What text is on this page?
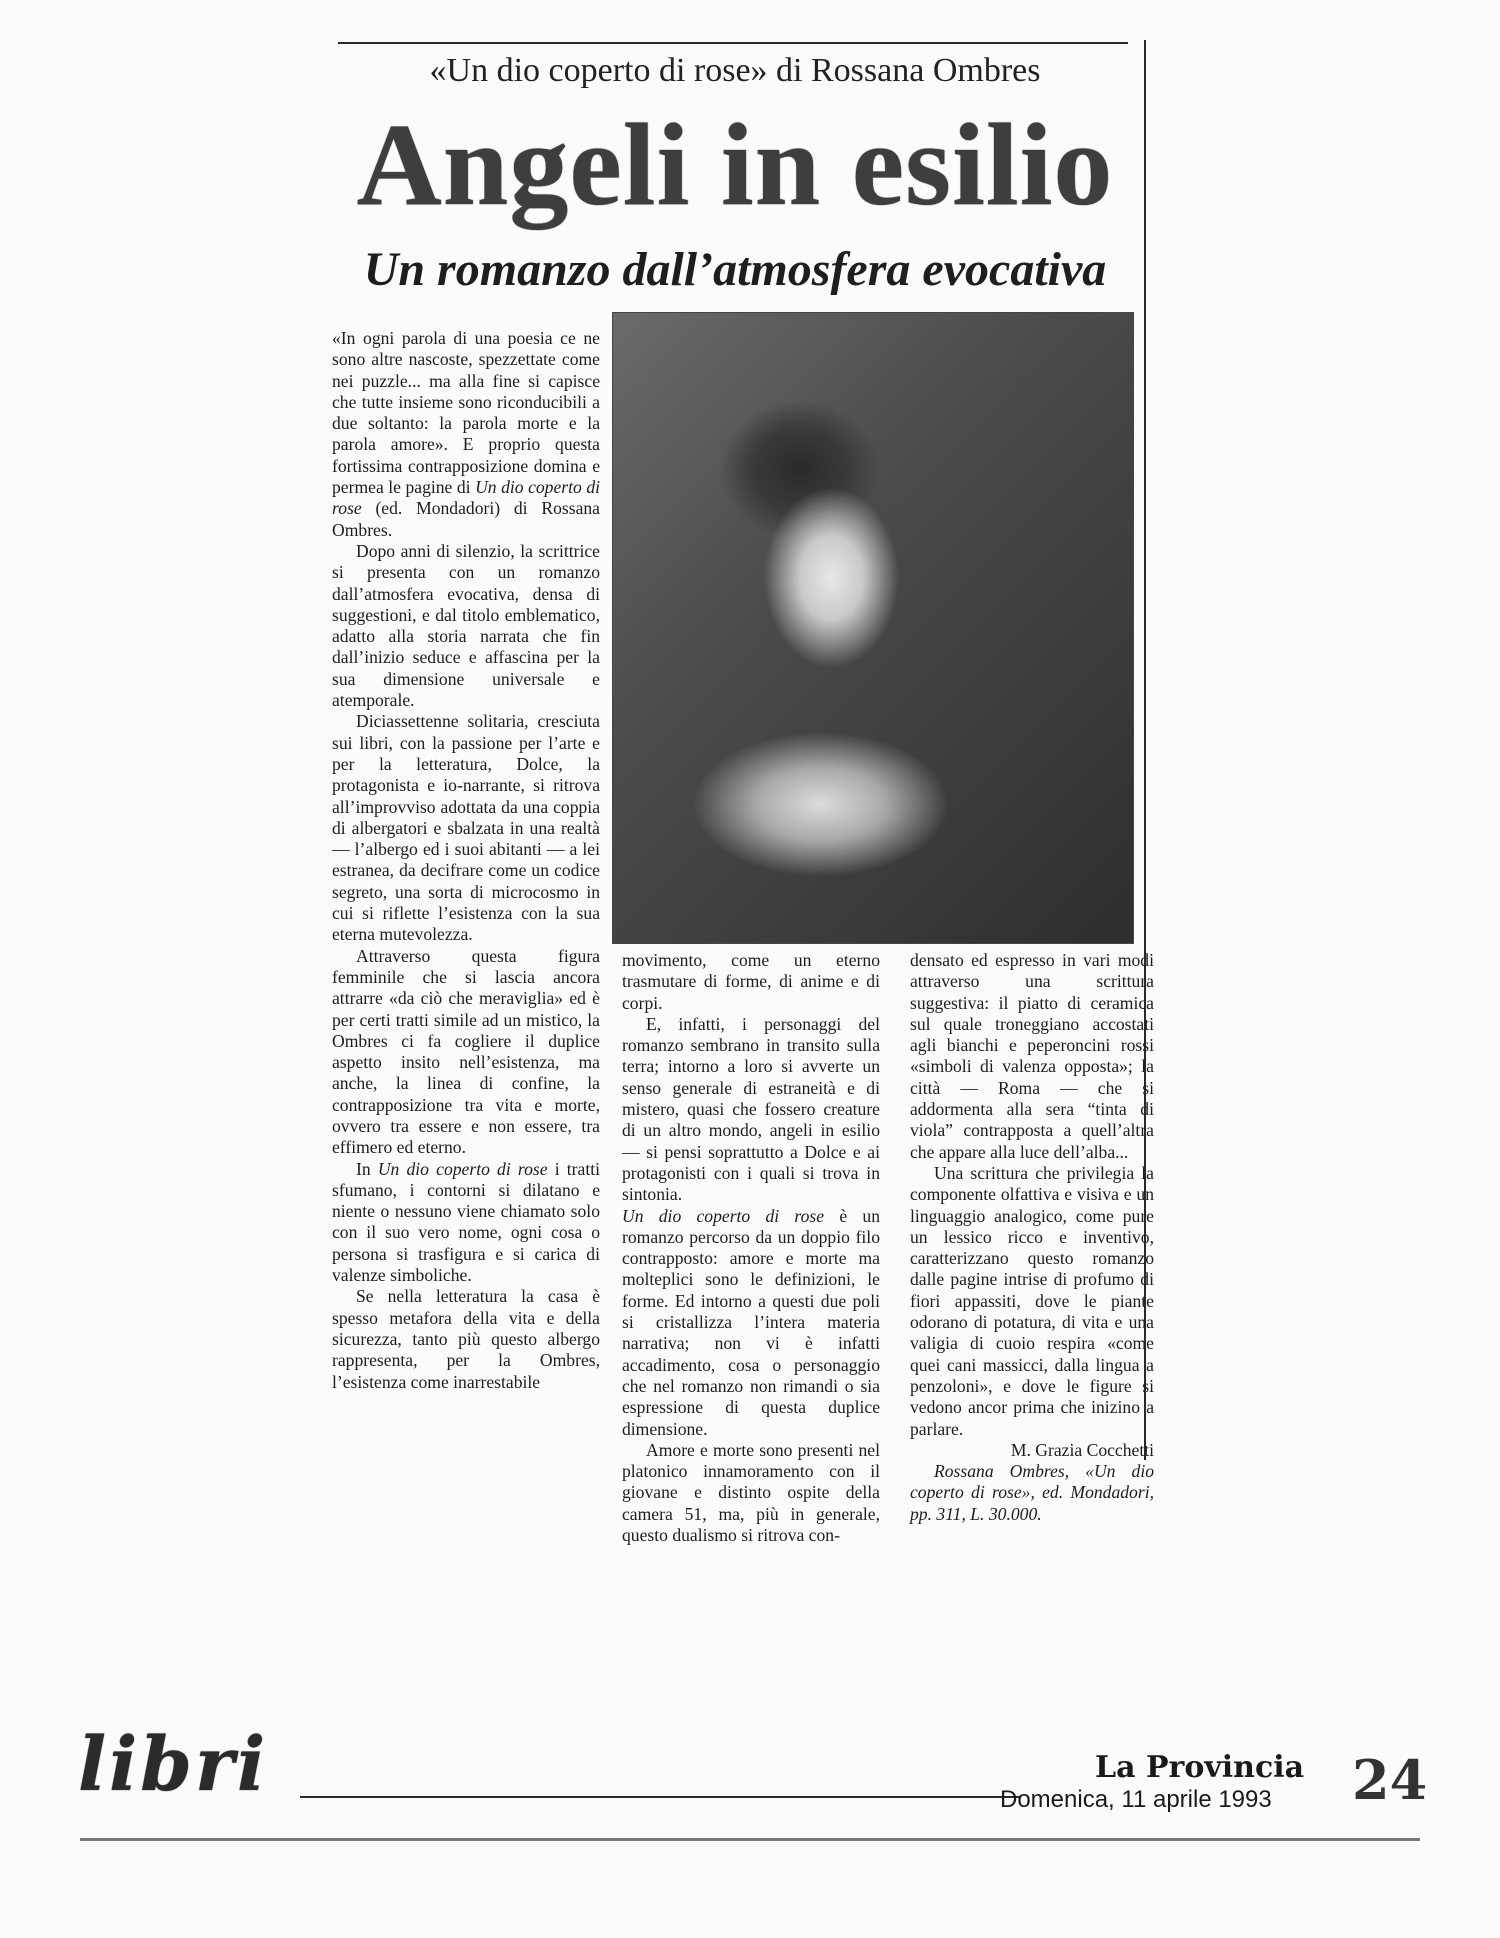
«Un dio coperto di rose» di Rossana Ombres
Angeli in esilio
Un romanzo dall’atmosfera evocativa

«In ogni parola di una poesia ce ne sono altre nascoste, spezzettate come nei puzzle... ma alla fine si capisce che tutte insieme sono riconducibili a due soltanto: la parola morte e la parola amore». E proprio questa fortissima contrapposizione domina e permea le pagine di Un dio coperto di rose (ed. Mondadori) di Rossana Ombres.

Dopo anni di silenzio, la scrittrice si presenta con un romanzo dall’atmosfera evocativa, densa di suggestioni, e dal titolo emblematico, adatto alla storia narrata che fin dall’inizio seduce e affascina per la sua dimensione universale e atemporale.

Diciassettenne solitaria, cresciuta sui libri, con la passione per l’arte e per la letteratura, Dolce, la protagonista e io-narrante, si ritrova all’improvviso adottata da una coppia di albergatori e sbalzata in una realtà — l’albergo ed i suoi abitanti — a lei estranea, da decifrare come un codice segreto, una sorta di microcosmo in cui si riflette l’esistenza con la sua eterna mutevolezza.

Attraverso questa figura femminile che si lascia ancora attrarre «da ciò che meraviglia» ed è per certi tratti simile ad un mistico, la Ombres ci fa cogliere il duplice aspetto insito nell’esistenza, ma anche, la linea di confine, la contrapposizione tra vita e morte, ovvero tra essere e non essere, tra effimero ed eterno.

In Un dio coperto di rose i tratti sfumano, i contorni si dilatano e niente o nessuno viene chiamato solo con il suo vero nome, ogni cosa o persona si trasfigura e si carica di valenze simboliche.

Se nella letteratura la casa è spesso metafora della vita e della sicurezza, tanto più questo albergo rappresenta, per la Ombres, l’esistenza come inarrestabile

movimento, come un eterno trasmutare di forme, di anime e di corpi.

E, infatti, i personaggi del romanzo sembrano in transito sulla terra; intorno a loro si avverte un senso generale di estraneità e di mistero, quasi che fossero creature di un altro mondo, angeli in esilio — si pensi soprattutto a Dolce e ai protagonisti con i quali si trova in sintonia.

Un dio coperto di rose è un romanzo percorso da un doppio filo contrapposto: amore e morte ma molteplici sono le definizioni, le forme. Ed intorno a questi due poli si cristallizza l’intera materia narrativa; non vi è infatti accadimento, cosa o personaggio che nel romanzo non rimandi o sia espressione di questa duplice dimensione.

Amore e morte sono presenti nel platonico innamoramento con il giovane e distinto ospite della camera 51, ma, più in generale, questo dualismo si ritrova con-

densato ed espresso in vari modi attraverso una scrittura suggestiva: il piatto di ceramica sul quale troneggiano accostati agli bianchi e peperoncini rossi «simboli di valenza opposta»; la città — Roma — che si addormenta alla sera “tinta di viola” contrapposta a quell’altra che appare alla luce dell’alba...

Una scrittura che privilegia la componente olfattiva e visiva e un linguaggio analogico, come pure un lessico ricco e inventivo, caratterizzano questo romanzo dalle pagine intrise di profumo di fiori appassiti, dove le piante odorano di potatura, di vita e una valigia di cuoio respira «come quei cani massicci, dalla lingua a penzoloni», e dove le figure si vedono ancor prima che inizino a parlare.

M. Grazia Cocchetti

Rossana Ombres, «Un dio coperto di rose», ed. Mondadori, pp. 311, L. 30.000.

libri	La Provincia
Domenica, 11 aprile 1993 24
